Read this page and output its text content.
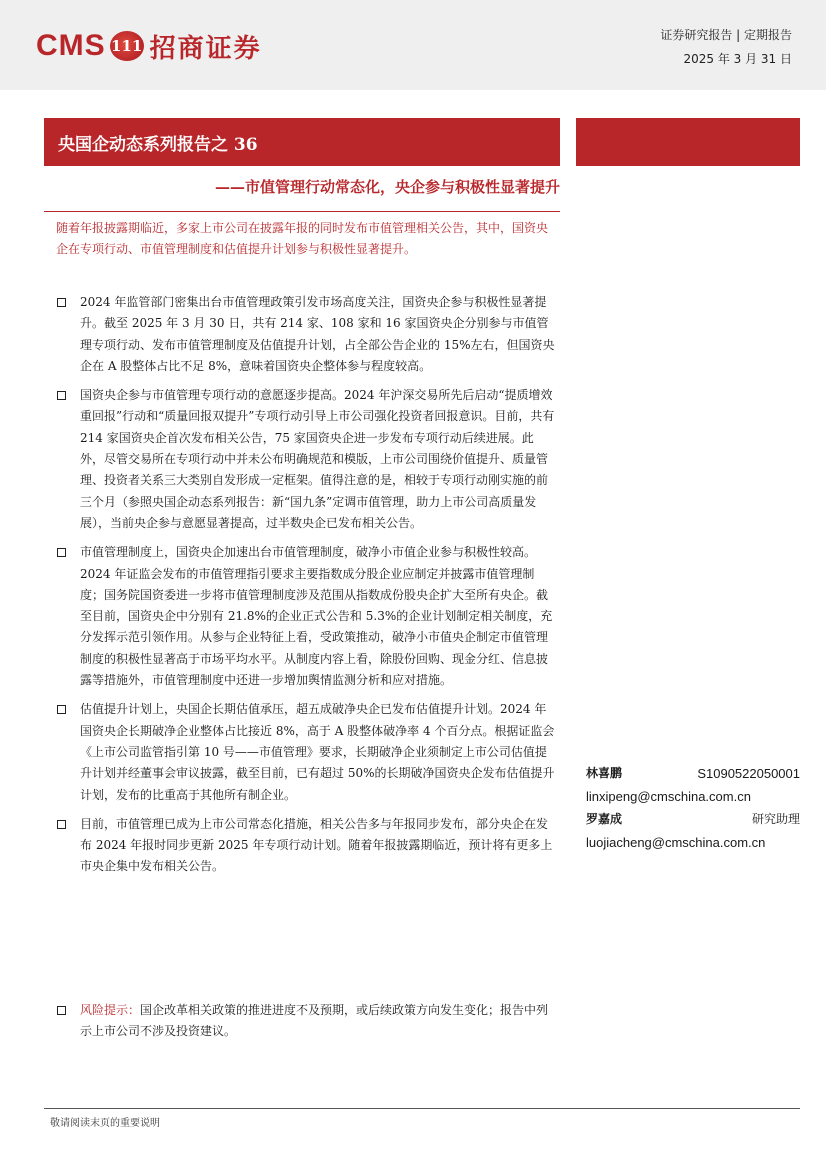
CMS 111 招商证券	证券研究报告 | 定期报告
2025 年 3 月 31 日
央国企动态系列报告之 36
——市值管理行动常态化，央企参与积极性显著提升
随着年报披露期临近，多家上市公司在披露年报的同时发布市值管理相关公告，其中，国资央企在专项行动、市值管理制度和估值提升计划参与积极性显著提升。
2024 年监管部门密集出台市值管理政策引发市场高度关注，国资央企参与积极性显著提升。截至 2025 年 3 月 30 日，共有 214 家、108 家和 16 家国资央企分别参与市值管理专项行动、发布市值管理制度及估值提升计划，占全部公告企业的 15%左右，但国资央企在 A 股整体占比不足 8%，意味着国资央企整体参与程度较高。
国资央企参与市值管理专项行动的意愿逐步提高。2024 年沪深交易所先后启动“提质增效重回报”行动和“质量回报双提升”专项行动引导上市公司强化投资者回报意识。目前，共有 214 家国资央企首次发布相关公告，75 家国资央企进一步发布专项行动后续进展。此外，尽管交易所在专项行动中并未公布明确规范和模版，上市公司围绕价值提升、质量管理、投资者关系三大类别自发形成一定框架。值得注意的是，相较于专项行动刚实施的前三个月（参照央国企动态系列报告：新“国九条”定调市值管理，助力上市公司高质量发展），当前央企参与意愿显著提高，过半数央企已发布相关公告。
市值管理制度上，国资央企加速出台市值管理制度，破净小市值企业参与积极性较高。2024 年证监会发布的市值管理指引要求主要指数成分股企业应制定并披露市值管理制度；国务院国资委进一步将市值管理制度涉及范围从指数成份股央企扩大至所有央企。截至目前，国资央企中分别有 21.8%的企业正式公告和 5.3%的企业计划制定相关制度，充分发挥示范引领作用。从参与企业特征上看，受政策推动，破净小市值央企制定市值管理制度的积极性显著高于市场平均水平。从制度内容上看，除股份回购、现金分红、信息披露等措施外，市值管理制度中还进一步增加舆情监测分析和应对措施。
估值提升计划上，央国企长期估值承压，超五成破净央企已发布估值提升计划。2024 年国资央企长期破净企业整体占比接近 8%，高于 A 股整体破净率 4 个百分点。根据证监会《上市公司监管指引第 10 号——市值管理》要求，长期破净企业须制定上市公司估值提升计划并经董事会审议披露，截至目前，已有超过 50%的长期破净国资央企发布估值提升计划，发布的比重高于其他所有制企业。
目前，市值管理已成为上市公司常态化措施，相关公告多与年报同步发布，部分央企在发布 2024 年报时同步更新 2025 年专项行动计划。随着年报披露期临近，预计将有更多上市央企集中发布相关公告。
风险提示：国企改革相关政策的推进进度不及预期，或后续政策方向发生变化；报告中列示上市公司不涉及投资建议。
林喜鹏	S1090522050001
linxipeng@cmschina.com.cn
罗嘉成	研究助理
luojiacheng@cmschina.com.cn
敬请阅读末页的重要说明
